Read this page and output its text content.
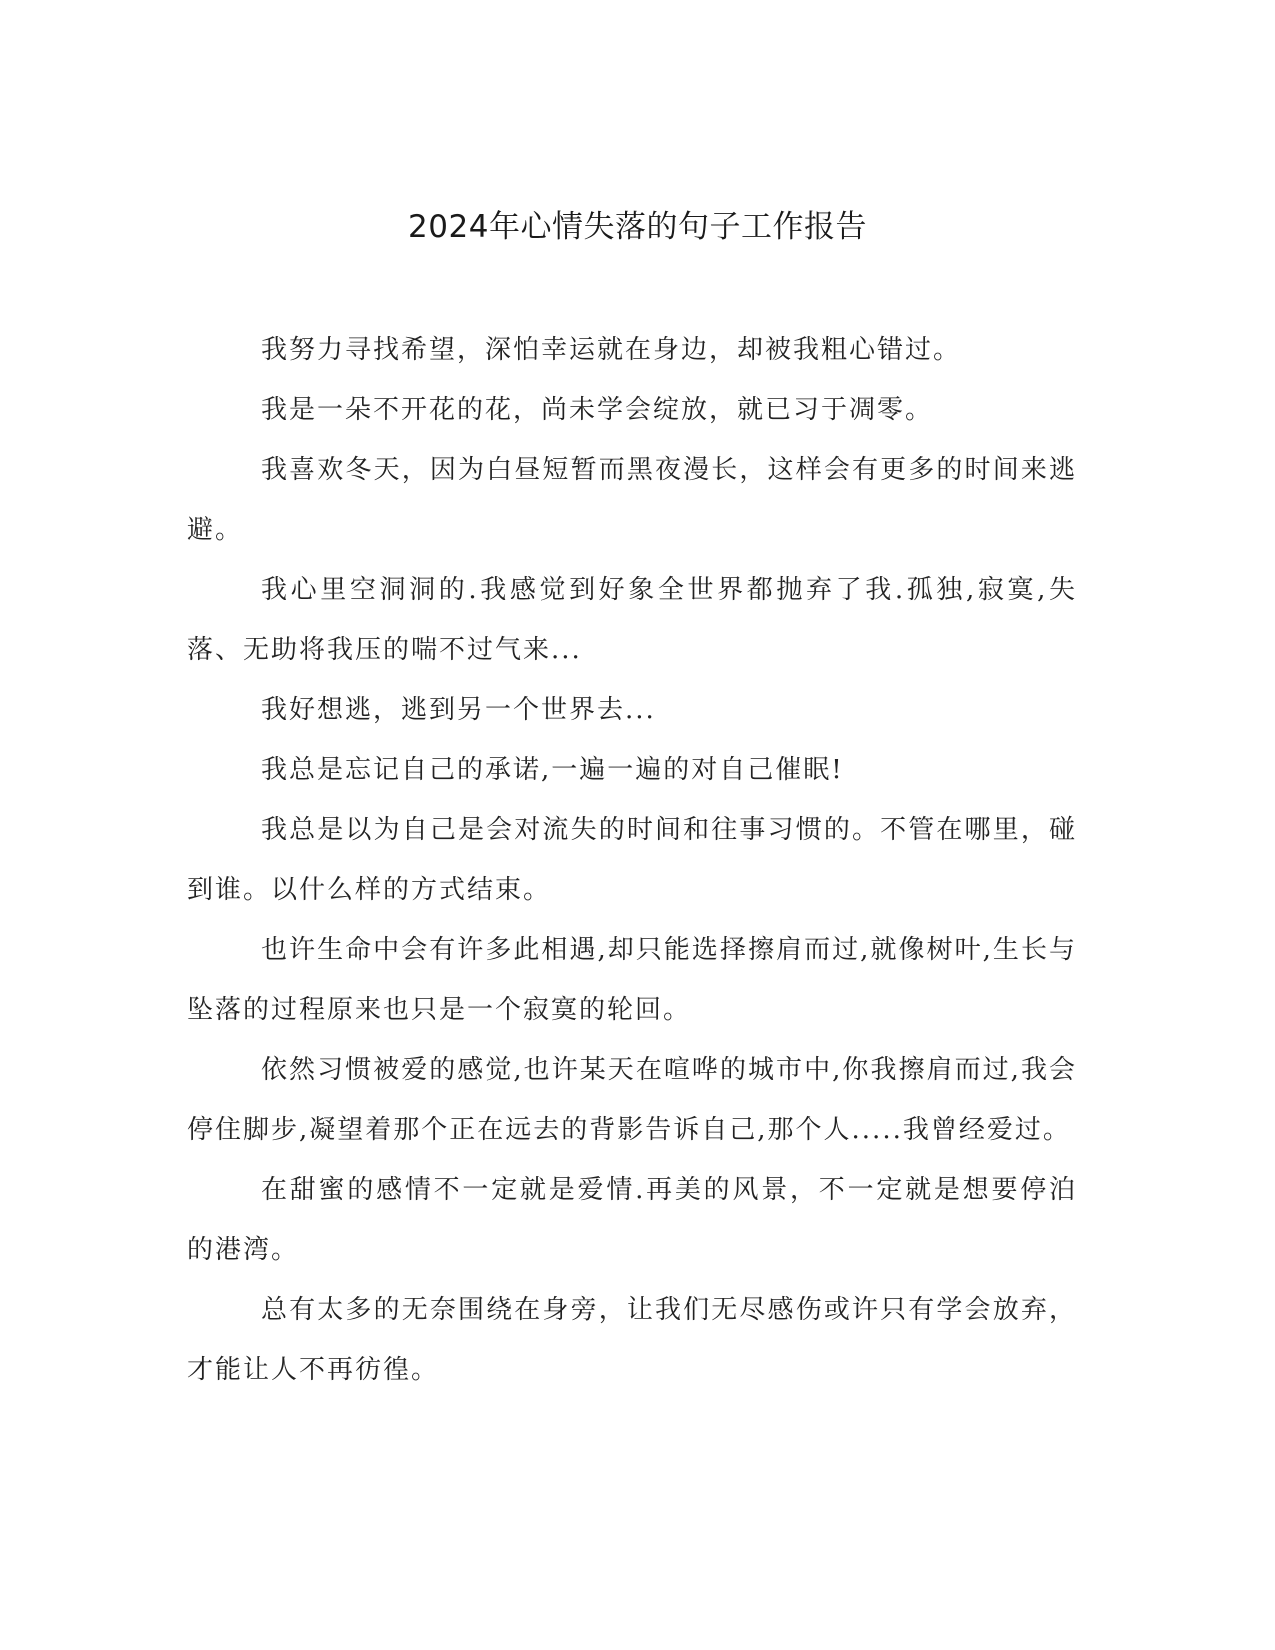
2024年心情失落的句子工作报告

我努力寻找希望，深怕幸运就在身边，却被我粗心错过。

我是一朵不开花的花，尚未学会绽放，就已习于凋零。

我喜欢冬天，因为白昼短暂而黑夜漫长，这样会有更多的时间来逃避。

我心里空洞洞的.我感觉到好象全世界都抛弃了我.孤独,寂寞,失落、无助将我压的喘不过气来...

我好想逃，逃到另一个世界去...

我总是忘记自己的承诺,一遍一遍的对自己催眠!

我总是以为自己是会对流失的时间和往事习惯的。不管在哪里，碰到谁。以什么样的方式结束。

也许生命中会有许多此相遇,却只能选择擦肩而过,就像树叶,生长与坠落的过程原来也只是一个寂寞的轮回。

依然习惯被爱的感觉,也许某天在喧哗的城市中,你我擦肩而过,我会停住脚步,凝望着那个正在远去的背影告诉自己,那个人.....我曾经爱过。

在甜蜜的感情不一定就是爱情.再美的风景，不一定就是想要停泊的港湾。

总有太多的无奈围绕在身旁，让我们无尽感伤或许只有学会放弃，才能让人不再彷徨。
